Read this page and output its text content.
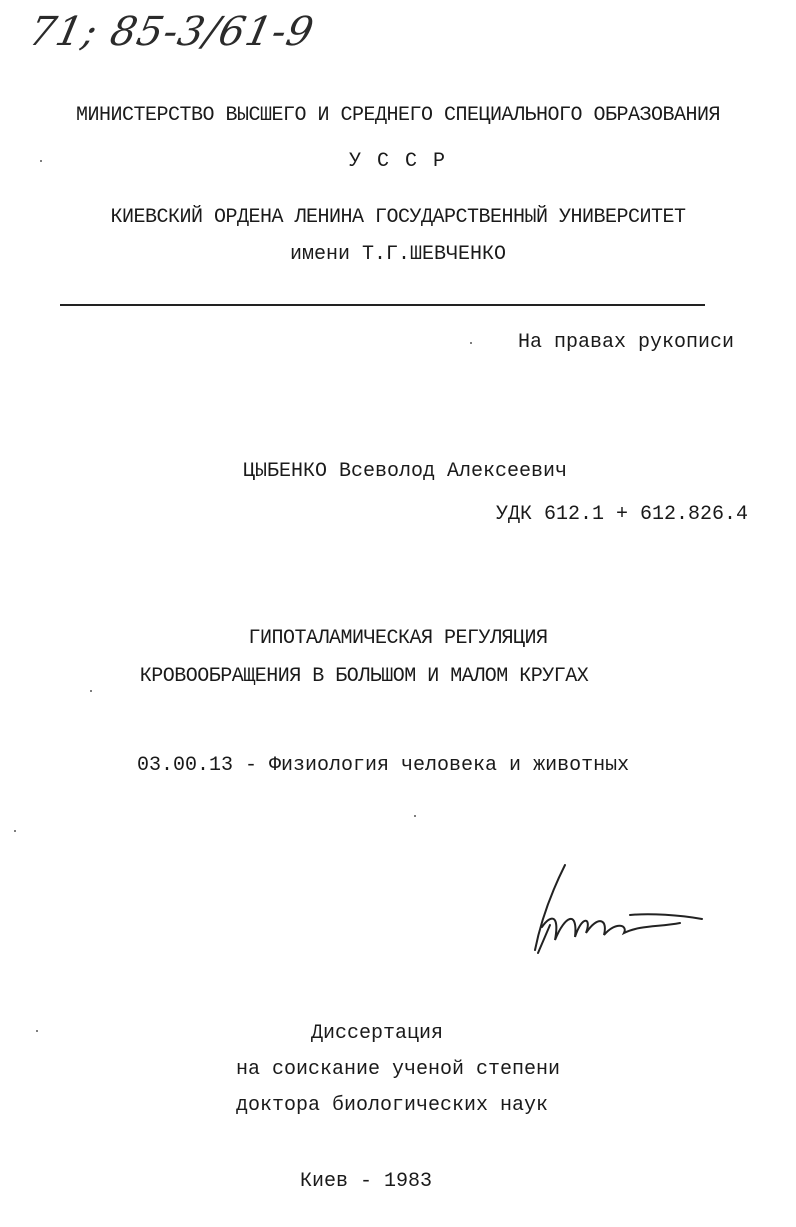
71; 85-3/61-9
МИНИСТЕРСТВО ВЫСШЕГО И СРЕДНЕГО СПЕЦИАЛЬНОГО ОБРАЗОВАНИЯ
У С С Р
КИЕВСКИЙ ОРДЕНА ЛЕНИНА ГОСУДАРСТВЕННЫЙ УНИВЕРСИТЕТ
имени Т.Г.ШЕВЧЕНКО
На правах рукописи
ЦЫБЕНКО Всеволод Алексеевич
УДК 612.1 + 612.826.4
ГИПОТАЛАМИЧЕСКАЯ РЕГУЛЯЦИЯ
КРОВООБРАЩЕНИЯ В БОЛЬШОМ И МАЛОМ КРУГАХ
03.00.13 - Физиология человека и животных
Диссертация
на соискание ученой степени
доктора биологических наук
Киев - 1983
